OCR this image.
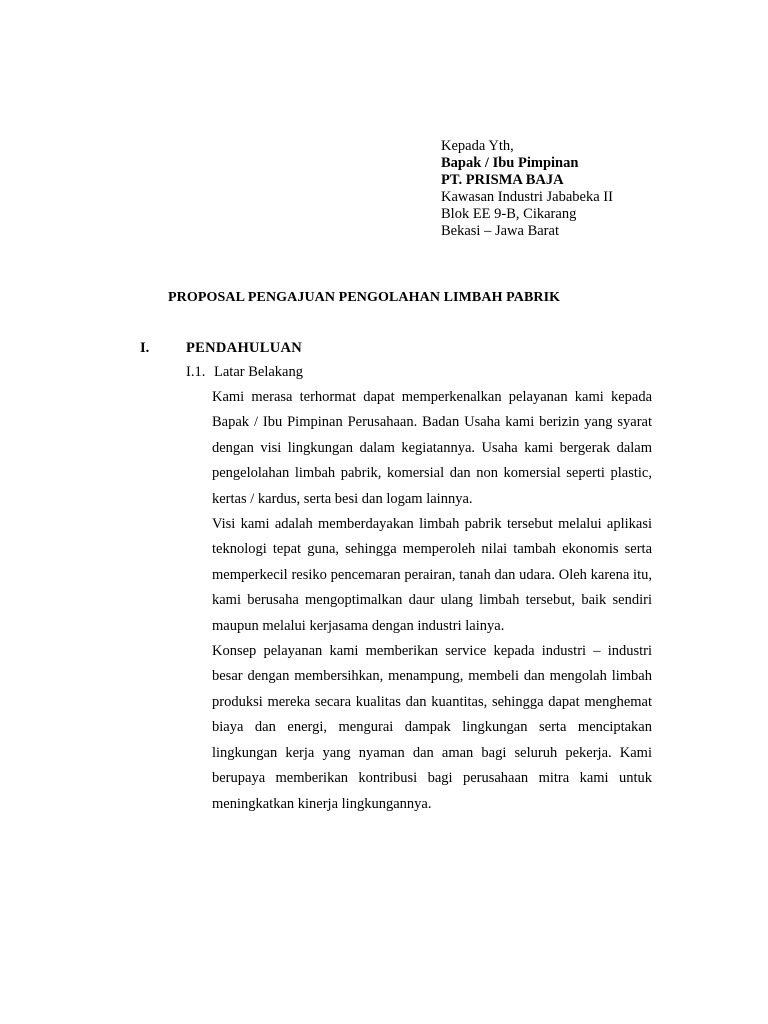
Kepada Yth,
Bapak / Ibu Pimpinan
PT. PRISMA BAJA
Kawasan Industri Jababeka II
Blok EE 9-B, Cikarang
Bekasi – Jawa Barat
PROPOSAL PENGAJUAN PENGOLAHAN LIMBAH PABRIK
I.	PENDAHULUAN
I.1. Latar Belakang

Kami merasa terhormat dapat memperkenalkan pelayanan kami kepada Bapak / Ibu Pimpinan Perusahaan. Badan Usaha kami berizin yang syarat dengan visi lingkungan dalam kegiatannya. Usaha kami bergerak dalam pengelolahan limbah pabrik, komersial dan non komersial seperti plastic, kertas / kardus, serta besi dan logam lainnya.

Visi kami adalah memberdayakan limbah pabrik tersebut melalui aplikasi teknologi tepat guna, sehingga memperoleh nilai tambah ekonomis serta memperkecil resiko pencemaran perairan, tanah dan udara. Oleh karena itu, kami berusaha mengoptimalkan daur ulang limbah tersebut, baik sendiri maupun melalui kerjasama dengan industri lainya.

Konsep pelayanan kami memberikan service kepada industri – industri besar dengan membersihkan, menampung, membeli dan mengolah limbah produksi mereka secara kualitas dan kuantitas, sehingga dapat menghemat biaya dan energi, mengurai dampak lingkungan serta menciptakan lingkungan kerja yang nyaman dan aman bagi seluruh pekerja. Kami berupaya memberikan kontribusi bagi perusahaan mitra kami untuk meningkatkan kinerja lingkungannya.
